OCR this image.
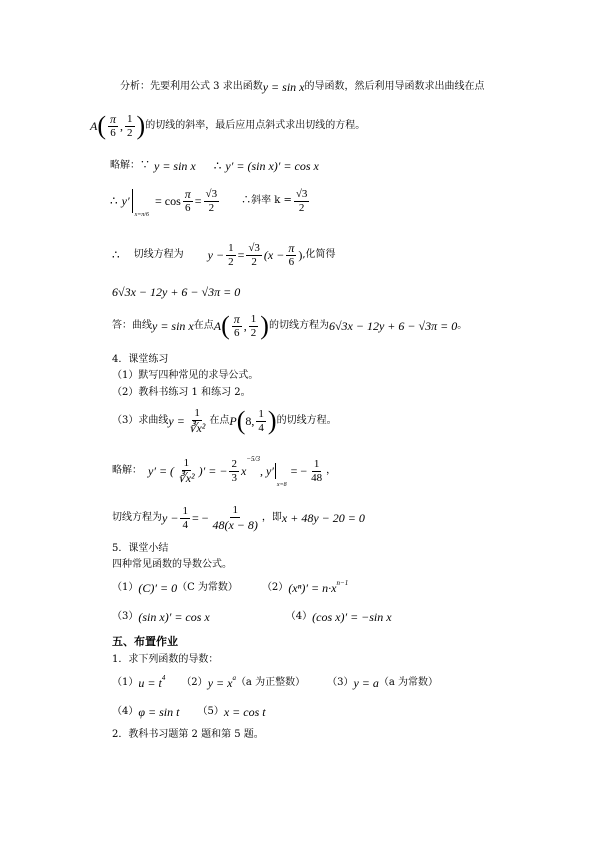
分析：先要利用公式 3 求出函数 y = sin x 的导函数，然后利用导函数求出曲线在点
A ( $\frac{\pi}{6}$ , $\frac{1}{2}$ ) 的切线的斜率，最后应用点斜式求出切线的方程。
略解：∵ y = sin x ∴ y′ = (sin x)′ = cos x
∴ y′
x=π/6
= $\cos \frac{\pi}{6} = \frac{√3}{2}$ ∴斜率 $k = \frac{√3}{2}$
∴ 切线方程为 $y - \frac{1}{2} = \frac{√3}{2} (x - \frac{\pi}{6}$ ) ,化简得
6√3x − 12y + 6 − √3π = 0
答：曲线 y = sin x 在点 A ( $\frac{\pi}{6}$ , $\frac{1}{2}$ ) 的切线方程为 6√3x − 12y + 6 − √3π = 0 。
4．课堂练习
（1）默写四种常见的求导公式。
（2）教科书练习 1 和练习 2。
（3）求曲线 $y = \frac{1}{\text{∛x²}}$ 在点 P ( 8, $\frac{1}{4}$ ) 的切线方程。
略解： y′ = ( $\frac{1}{\text{∛x²}}$ )′ = − $\frac{2}{3}$ x
−5/3
, y′
x=8
= − $\frac{1}{48}$ ，
切线方程为 $y - \frac{1}{4}$ = − $\frac{1}{48(x - 8)}$ ，即 x + 48y − 20 = 0
5．课堂小结
四种常见函数的导数公式。
（1） (C)′ = 0 （C 为常数） （2） (xⁿ)′ = n·x n−1
（3） (sin x)′ = cos x	（4） (cos x)′ = −sin x
五、布置作业
1．求下列函数的导数：
（1） u = t 4 （2） y = x a （a 为正整数） （3） y = a （a 为常数）
（4） φ = sin t （5） x = cos t
2．教科书习题第 2 题和第 5 题。
